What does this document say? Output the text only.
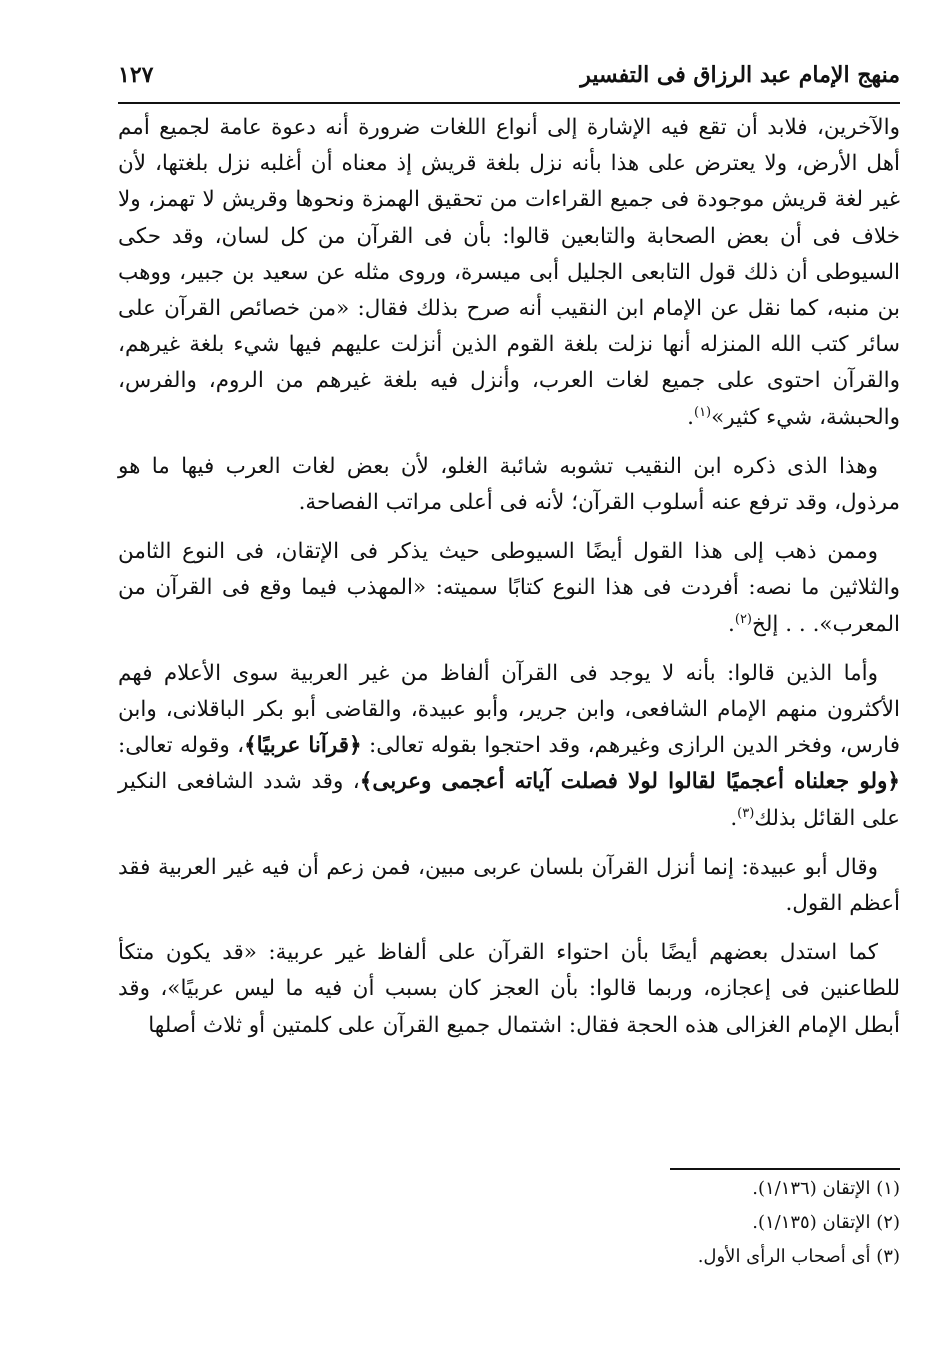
منهج الإمام عبد الرزاق فى التفسير
١٢٧

والآخرين، فلابد أن تقع فيه الإشارة إلى أنواع اللغات ضرورة أنه دعوة عامة لجميع أمم أهل الأرض، ولا يعترض على هذا بأنه نزل بلغة قريش إذ معناه أن أغلبه نزل بلغتها، لأن غير لغة قريش موجودة فى جميع القراءات من تحقيق الهمزة ونحوها وقريش لا تهمز، ولا خلاف فى أن بعض الصحابة والتابعين قالوا: بأن فى القرآن من كل لسان، وقد حكى السيوطى أن ذلك قول التابعى الجليل أبى ميسرة، وروى مثله عن سعيد بن جبير، ووهب بن منبه، كما نقل عن الإمام ابن النقيب أنه صرح بذلك فقال: «من خصائص القرآن على سائر كتب الله المنزله أنها نزلت بلغة القوم الذين أنزلت عليهم فيها شيء بلغة غيرهم، والقرآن احتوى على جميع لغات العرب، وأنزل فيه بلغة غيرهم من الروم، والفرس، والحبشة، شيء كثير»$^{(١)}$.

وهذا الذى ذكره ابن النقيب تشوبه شائبة الغلو، لأن بعض لغات العرب فيها ما هو مرذول، وقد ترفع عنه أسلوب القرآن؛ لأنه فى أعلى مراتب الفصاحة.

وممن ذهب إلى هذا القول أيضًا السيوطى حيث يذكر فى الإتقان، فى النوع الثامن والثلاثين ما نصه: أفردت فى هذا النوع كتابًا سميته: «المهذب فيما وقع فى القرآن من المعرب». . . إلخ$^{(٢)}$.

وأما الذين قالوا: بأنه لا يوجد فى القرآن ألفاظ من غير العربية سوى الأعلام فهم الأكثرون منهم الإمام الشافعى، وابن جرير، وأبو عبيدة، والقاضى أبو بكر الباقلانى، وابن فارس، وفخر الدين الرازى وغيرهم، وقد احتجوا بقوله تعالى: ﴿قرآنا عربيًا﴾، وقوله تعالى: ﴿ولو جعلناه أعجميًا لقالوا لولا فصلت آياته أعجمى وعربى﴾، وقد شدد الشافعى النكير على القائل بذلك$^{(٣)}$.

وقال أبو عبيدة: إنما أنزل القرآن بلسان عربى مبين، فمن زعم أن فيه غير العربية فقد أعظم القول.

كما استدل بعضهم أيضًا بأن احتواء القرآن على ألفاظ غير عربية: «قد يكون متكأ للطاعنين فى إعجازه، وربما قالوا: بأن العجز كان بسبب أن فيه ما ليس عربيًا»، وقد أبطل الإمام الغزالى هذه الحجة فقال: اشتمال جميع القرآن على كلمتين أو ثلاث أصلها

(١) الإتقان (١/١٣٦).

(٢) الإتقان (١/١٣٥).

(٣) أى أصحاب الرأى الأول.
